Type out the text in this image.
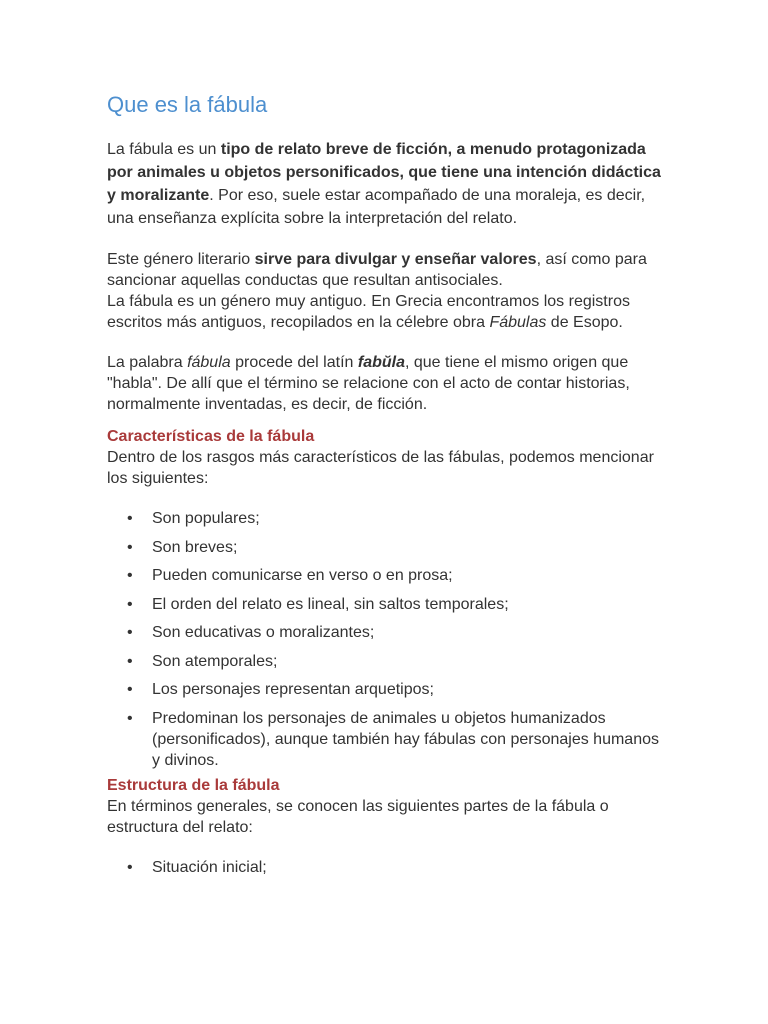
Que es la fábula

La fábula es un tipo de relato breve de ficción, a menudo protagonizada por animales u objetos personificados, que tiene una intención didáctica y moralizante. Por eso, suele estar acompañado de una moraleja, es decir, una enseñanza explícita sobre la interpretación del relato.

Este género literario sirve para divulgar y enseñar valores, así como para sancionar aquellas conductas que resultan antisociales.

La fábula es un género muy antiguo. En Grecia encontramos los registros escritos más antiguos, recopilados en la célebre obra Fábulas de Esopo.

La palabra fábula procede del latín fabŭla, que tiene el mismo origen que "habla". De allí que el término se relacione con el acto de contar historias, normalmente inventadas, es decir, de ficción.

Características de la fábula

Dentro de los rasgos más característicos de las fábulas, podemos mencionar los siguientes:

• Son populares;
• Son breves;
• Pueden comunicarse en verso o en prosa;
• El orden del relato es lineal, sin saltos temporales;
• Son educativas o moralizantes;
• Son atemporales;
• Los personajes representan arquetipos;
• Predominan los personajes de animales u objetos humanizados (personificados), aunque también hay fábulas con personajes humanos y divinos.
Estructura de la fábula

En términos generales, se conocen las siguientes partes de la fábula o estructura del relato:

• Situación inicial;
